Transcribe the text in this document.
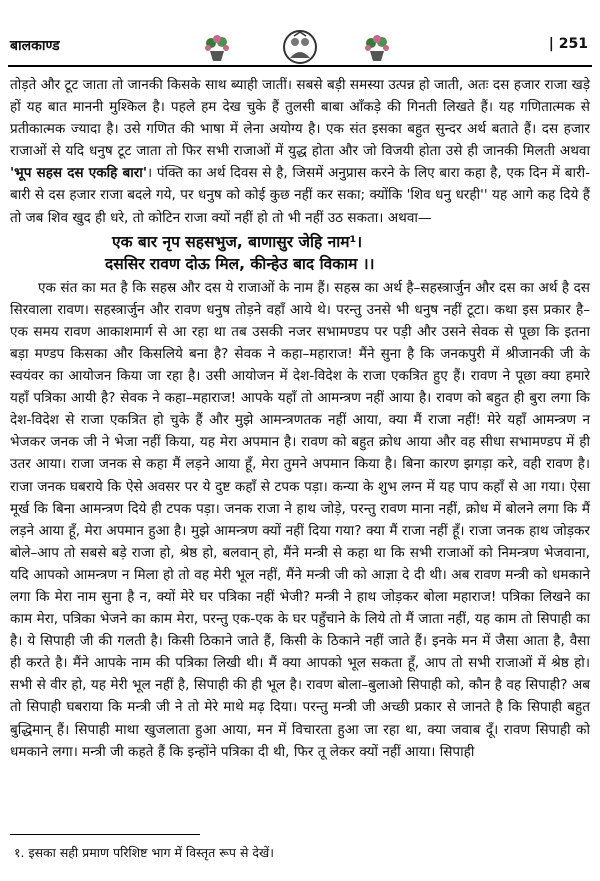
बालकाण्ड	| 251

तोड़ते और टूट जाता तो जानकी किसके साथ ब्याही जातीं। सबसे बड़ी समस्या उत्पन्न हो जाती, अतः दस हजार राजा खड़े हों यह बात माननी मुश्किल है। पहले हम देख चुके हैं तुलसी बाबा आँकड़े की गिनती लिखते हैं। यह गणितात्मक से प्रतीकात्मक ज्यादा है। उसे गणित की भाषा में लेना अयोग्य है। एक संत इसका बहुत सुन्दर अर्थ बताते हैं। दस हजार राजाओं से यदि धनुष टूट जाता तो फिर सभी राजाओं में युद्ध होता और जो विजयी होता उसे ही जानकी मिलती अथवा 'भूप सहस दस एकहि बारा'। पंक्ति का अर्थ दिवस से है, जिसमें अनुप्रास करने के लिए बारा कहा है, एक दिन में बारी-बारी से दस हजार राजा बदले गये, पर धनुष को कोई कुछ नहीं कर सका; क्योंकि 'शिव धनु धरही'' यह आगे कह दिये हैं तो जब शिव खुद ही धरे, तो कोटिन राजा क्यों नहीं हो तो भी नहीं उठ सकता। अथवा—

एक बार नृप सहसभुज, बाणासुर जेहि नाम¹।
दससिर रावण दोऊ मिल, कीन्हेउ बाद विकाम ।।

एक संत का मत है कि सहस्र और दस ये राजाओं के नाम हैं। सहस्र का अर्थ है–सहस्त्रार्जुन और दस का अर्थ है दस सिरवाला रावण। सहस्त्रार्जुन और रावण धनुष तोड़ने वहाँ आये थे। परन्तु उनसे भी धनुष नहीं टूटा। कथा इस प्रकार है–एक समय रावण आकाशमार्ग से आ रहा था तब उसकी नजर सभामण्डप पर पड़ी और उसने सेवक से पूछा कि इतना बड़ा मण्डप किसका और किसलिये बना है? सेवक ने कहा–महाराज! मैंने सुना है कि जनकपुरी में श्रीजानकी जी के स्वयंवर का आयोजन किया जा रहा है। उसी आयोजन में देश-विदेश के राजा एकत्रित हुए हैं। रावण ने पूछा क्या हमारे यहाँ पत्रिका आयी है? सेवक ने कहा–महाराज! आपके यहाँ तो आमन्त्रण नहीं आया है। रावण को बहुत ही बुरा लगा कि देश-विदेश से राजा एकत्रित हो चुके हैं और मुझे आमन्त्रणतक नहीं आया, क्या मैं राजा नहीं! मेरे यहाँ आमन्त्रण न भेजकर जनक जी ने भेजा नहीं किया, यह मेरा अपमान है। रावण को बहुत क्रोध आया और वह सीधा सभामण्डप में ही उतर आया। राजा जनक से कहा मैं लड़ने आया हूँ, मेरा तुमने अपमान किया है। बिना कारण झगड़ा करे, वही रावण है। राजा जनक घबराये कि ऐसे अवसर पर ये दुष्ट कहाँ से टपक पड़ा। कन्या के शुभ लग्न में यह पाप कहाँ से आ गया। ऐसा मूर्ख कि बिना आमन्त्रण दिये ही टपक पड़ा। जनक राजा ने हाथ जोड़े, परन्तु रावण माना नहीं, क्रोध में बोलने लगा कि मैं लड़ने आया हूँ, मेरा अपमान हुआ है। मुझे आमन्त्रण क्यों नहीं दिया गया? क्या मैं राजा नहीं हूँ। राजा जनक हाथ जोड़कर बोले–आप तो सबसे बड़े राजा हो, श्रेष्ठ हो, बलवान् हो, मैंने मन्त्री से कहा था कि सभी राजाओं को निमन्त्रण भेजवाना, यदि आपको आमन्त्रण न मिला हो तो वह मेरी भूल नहीं, मैंने मन्त्री जी को आज्ञा दे दी थी। अब रावण मन्त्री को धमकाने लगा कि मेरा नाम सुना है न, क्यों मेरे घर पत्रिका नहीं भेजी? मन्त्री ने हाथ जोड़कर बोला महाराज! पत्रिका लिखने का काम मेरा, पत्रिका भेजने का काम मेरा, परन्तु एक-एक के घर पहुँचाने के लिये तो मैं जाता नहीं, यह काम तो सिपाही का है। ये सिपाही जी की गलती है। किसी ठिकाने जाते हैं, किसी के ठिकाने नहीं जाते हैं। इनके मन में जैसा आता है, वैसा ही करते है। मैंने आपके नाम की पत्रिका लिखी थी। मैं क्या आपको भूल सकता हूँ, आप तो सभी राजाओं में श्रेष्ठ हो। सभी से वीर हो, यह मेरी भूल नहीं है, सिपाही की ही भूल है। रावण बोला–बुलाओ सिपाही को, कौन है वह सिपाही? अब तो सिपाही घबराया कि मन्त्री जी ने तो मेरे माथे मढ़ दिया। परन्तु मन्त्री जी अच्छी प्रकार से जानते है कि सिपाही बहुत बुद्धिमान् हैं। सिपाही माथा खुजलाता हुआ आया, मन में विचारता हुआ जा रहा था, क्या जवाब दूँ। रावण सिपाही को धमकाने लगा। मन्त्री जी कहते हैं कि इन्होंने पत्रिका दी थी, फिर तू लेकर क्यों नहीं आया। सिपाही

१. इसका सही प्रमाण परिशिष्ट भाग में विस्तृत रूप से देखें।
